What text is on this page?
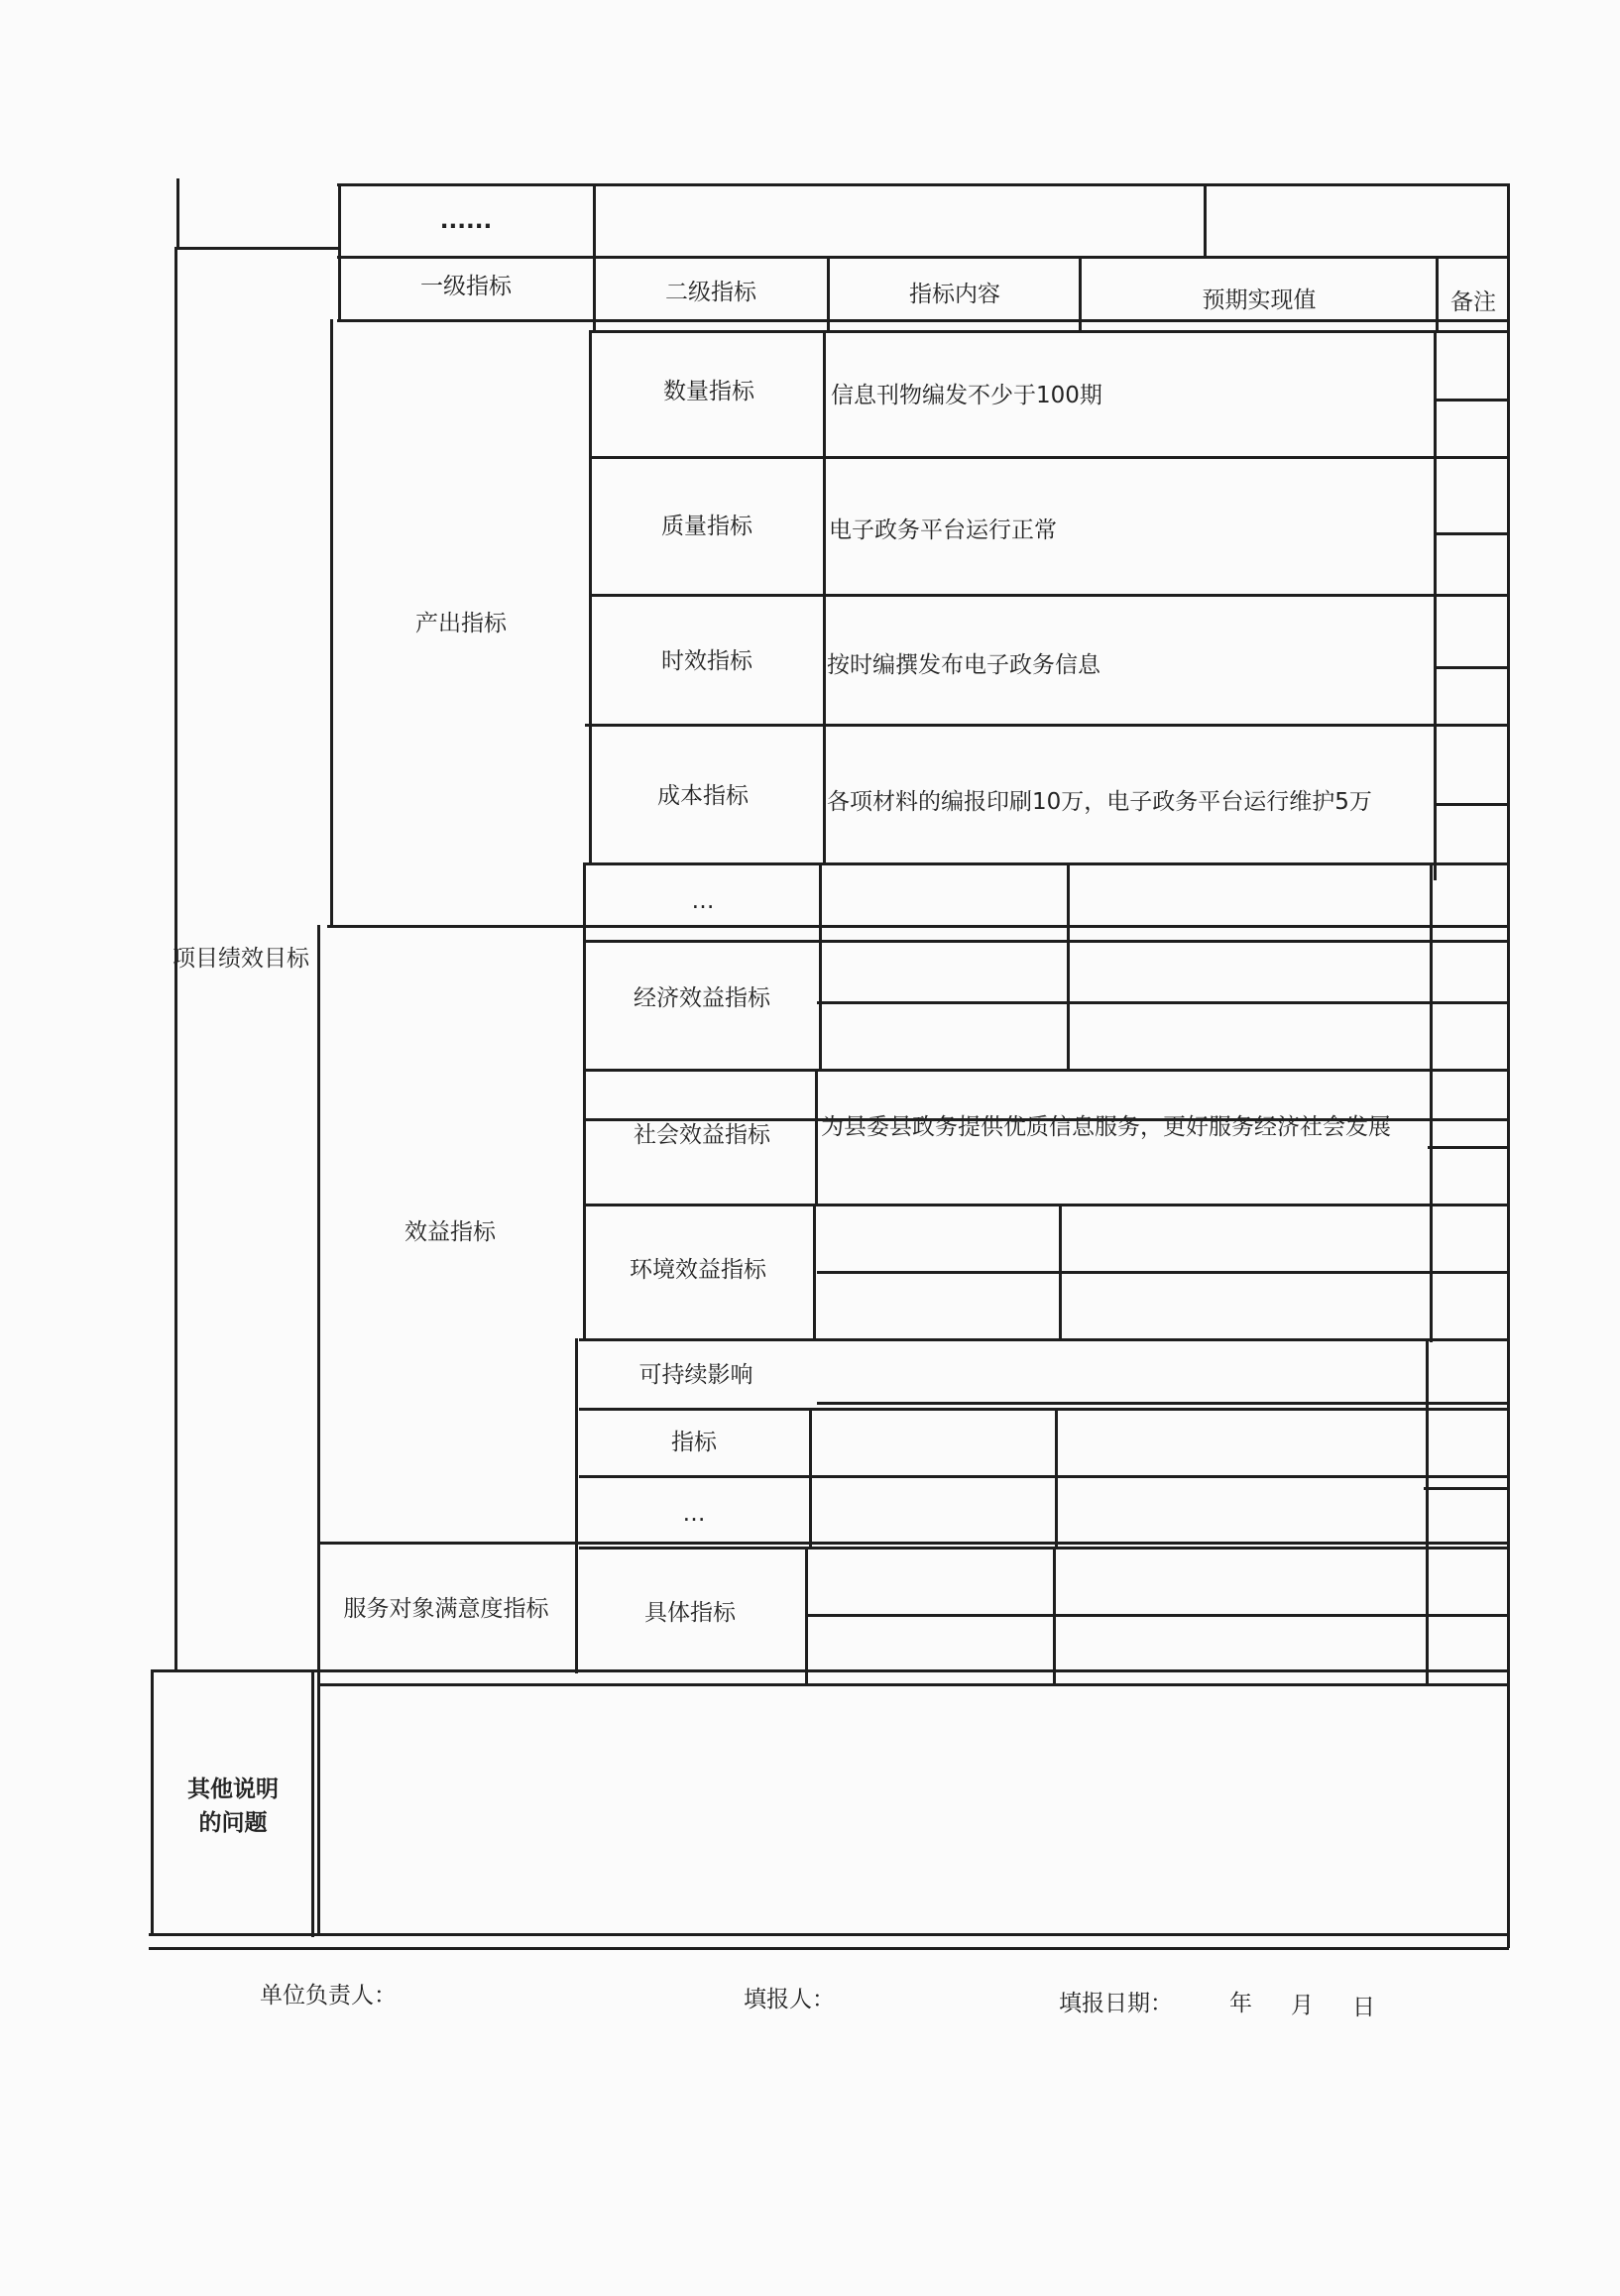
......
一级指标	二级指标	指标内容	预期实现值	备注
项目绩效目标
产出指标
数量指标	信息刊物编发不少于100期
质量指标	电子政务平台运行正常
时效指标	按时编撰发布电子政务信息
成本指标	各项材料的编报印刷10万，电子政务平台运行维护5万
…
效益指标
经济效益指标
社会效益指标	为县委县政务提供优质信息服务，更好服务经济社会发展
环境效益指标
可持续影响
指标
…
服务对象满意度指标	具体指标
其他说明
的问题
单位负责人：	填报人：	填报日期： 年 月 日
